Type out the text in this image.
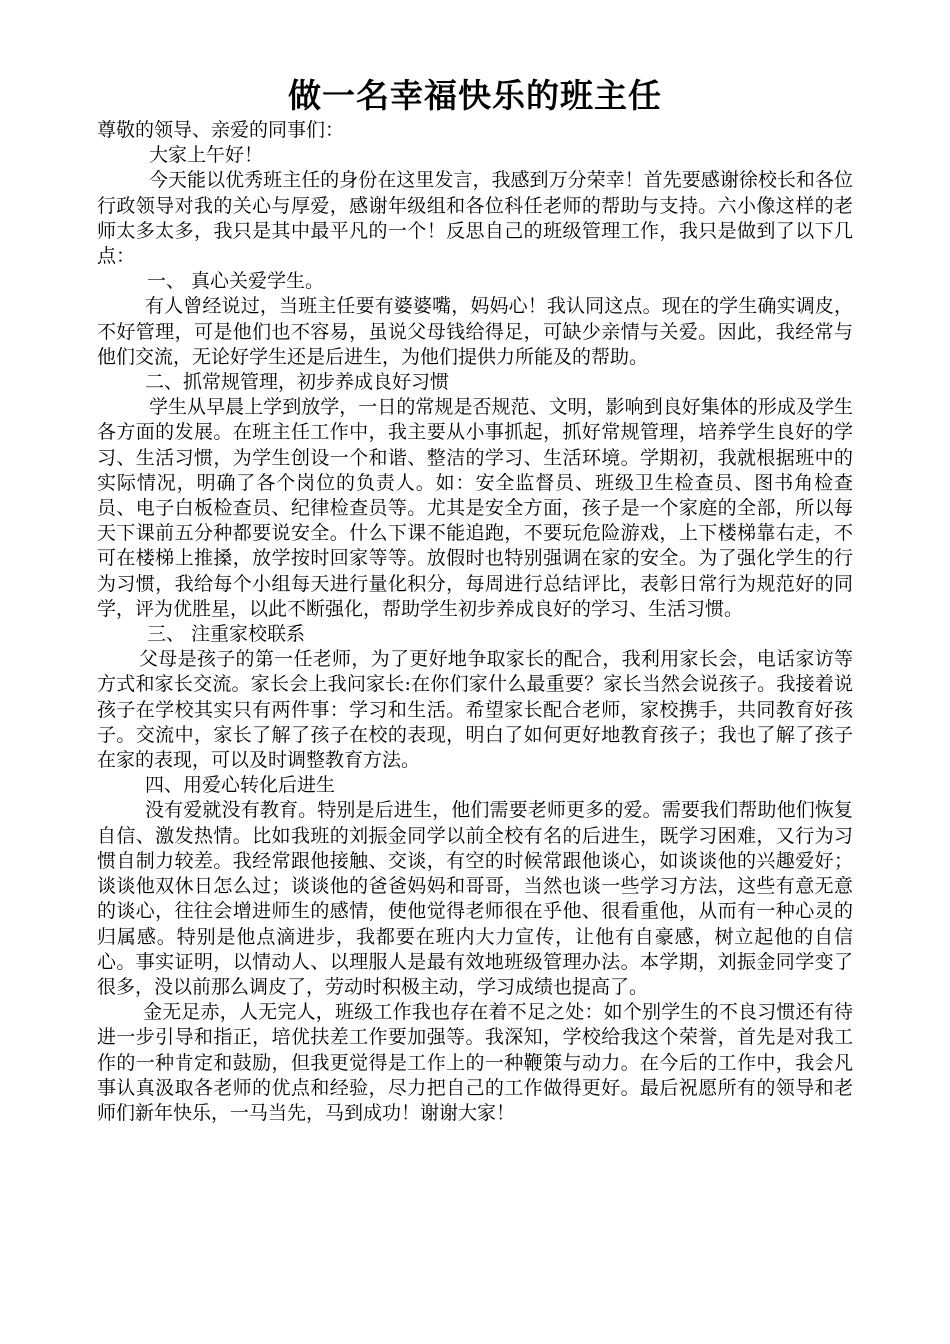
做一名幸福快乐的班主任

尊敬的领导、亲爱的同事们：

大家上午好！

今天能以优秀班主任的身份在这里发言，我感到万分荣幸！首先要感谢徐校长和各位行政领导对我的关心与厚爱，感谢年级组和各位科任老师的帮助与支持。六小像这样的老师太多太多，我只是其中最平凡的一个！反思自己的班级管理工作，我只是做到了以下几点：

一、 真心关爱学生。

有人曾经说过，当班主任要有婆婆嘴，妈妈心！我认同这点。现在的学生确实调皮，不好管理，可是他们也不容易，虽说父母钱给得足，可缺少亲情与关爱。因此，我经常与他们交流，无论好学生还是后进生，为他们提供力所能及的帮助。

二、抓常规管理，初步养成良好习惯

学生从早晨上学到放学，一日的常规是否规范、文明，影响到良好集体的形成及学生各方面的发展。在班主任工作中，我主要从小事抓起，抓好常规管理，培养学生良好的学习、生活习惯，为学生创设一个和谐、整洁的学习、生活环境。学期初，我就根据班中的实际情况，明确了各个岗位的负责人。如：安全监督员、班级卫生检查员、图书角检查员、电子白板检查员、纪律检查员等。尤其是安全方面，孩子是一个家庭的全部，所以每天下课前五分种都要说安全。什么下课不能追跑，不要玩危险游戏，上下楼梯靠右走，不可在楼梯上推搡，放学按时回家等等。放假时也特别强调在家的安全。为了强化学生的行为习惯，我给每个小组每天进行量化积分，每周进行总结评比，表彰日常行为规范好的同学，评为优胜星，以此不断强化，帮助学生初步养成良好的学习、生活习惯。

三、 注重家校联系

父母是孩子的第一任老师，为了更好地争取家长的配合，我利用家长会，电话家访等方式和家长交流。家长会上我问家长:在你们家什么最重要？家长当然会说孩子。我接着说孩子在学校其实只有两件事：学习和生活。希望家长配合老师，家校携手，共同教育好孩子。交流中，家长了解了孩子在校的表现，明白了如何更好地教育孩子；我也了解了孩子在家的表现，可以及时调整教育方法。

四、用爱心转化后进生

没有爱就没有教育。特别是后进生，他们需要老师更多的爱。需要我们帮助他们恢复自信、激发热情。比如我班的刘振金同学以前全校有名的后进生，既学习困难，又行为习惯自制力较差。我经常跟他接触、交谈，有空的时候常跟他谈心，如谈谈他的兴趣爱好；谈谈他双休日怎么过；谈谈他的爸爸妈妈和哥哥，当然也谈一些学习方法，这些有意无意的谈心，往往会增进师生的感情，使他觉得老师很在乎他、很看重他，从而有一种心灵的归属感。特别是他点滴进步，我都要在班内大力宣传，让他有自豪感，树立起他的自信心。事实证明，以情动人、以理服人是最有效地班级管理办法。本学期，刘振金同学变了很多，没以前那么调皮了，劳动时积极主动，学习成绩也提高了。

金无足赤，人无完人，班级工作我也存在着不足之处：如个别学生的不良习惯还有待进一步引导和指正，培优扶差工作要加强等。我深知，学校给我这个荣誉，首先是对我工作的一种肯定和鼓励，但我更觉得是工作上的一种鞭策与动力。在今后的工作中，我会凡事认真汲取各老师的优点和经验，尽力把自己的工作做得更好。最后祝愿所有的领导和老师们新年快乐，一马当先，马到成功！谢谢大家！
